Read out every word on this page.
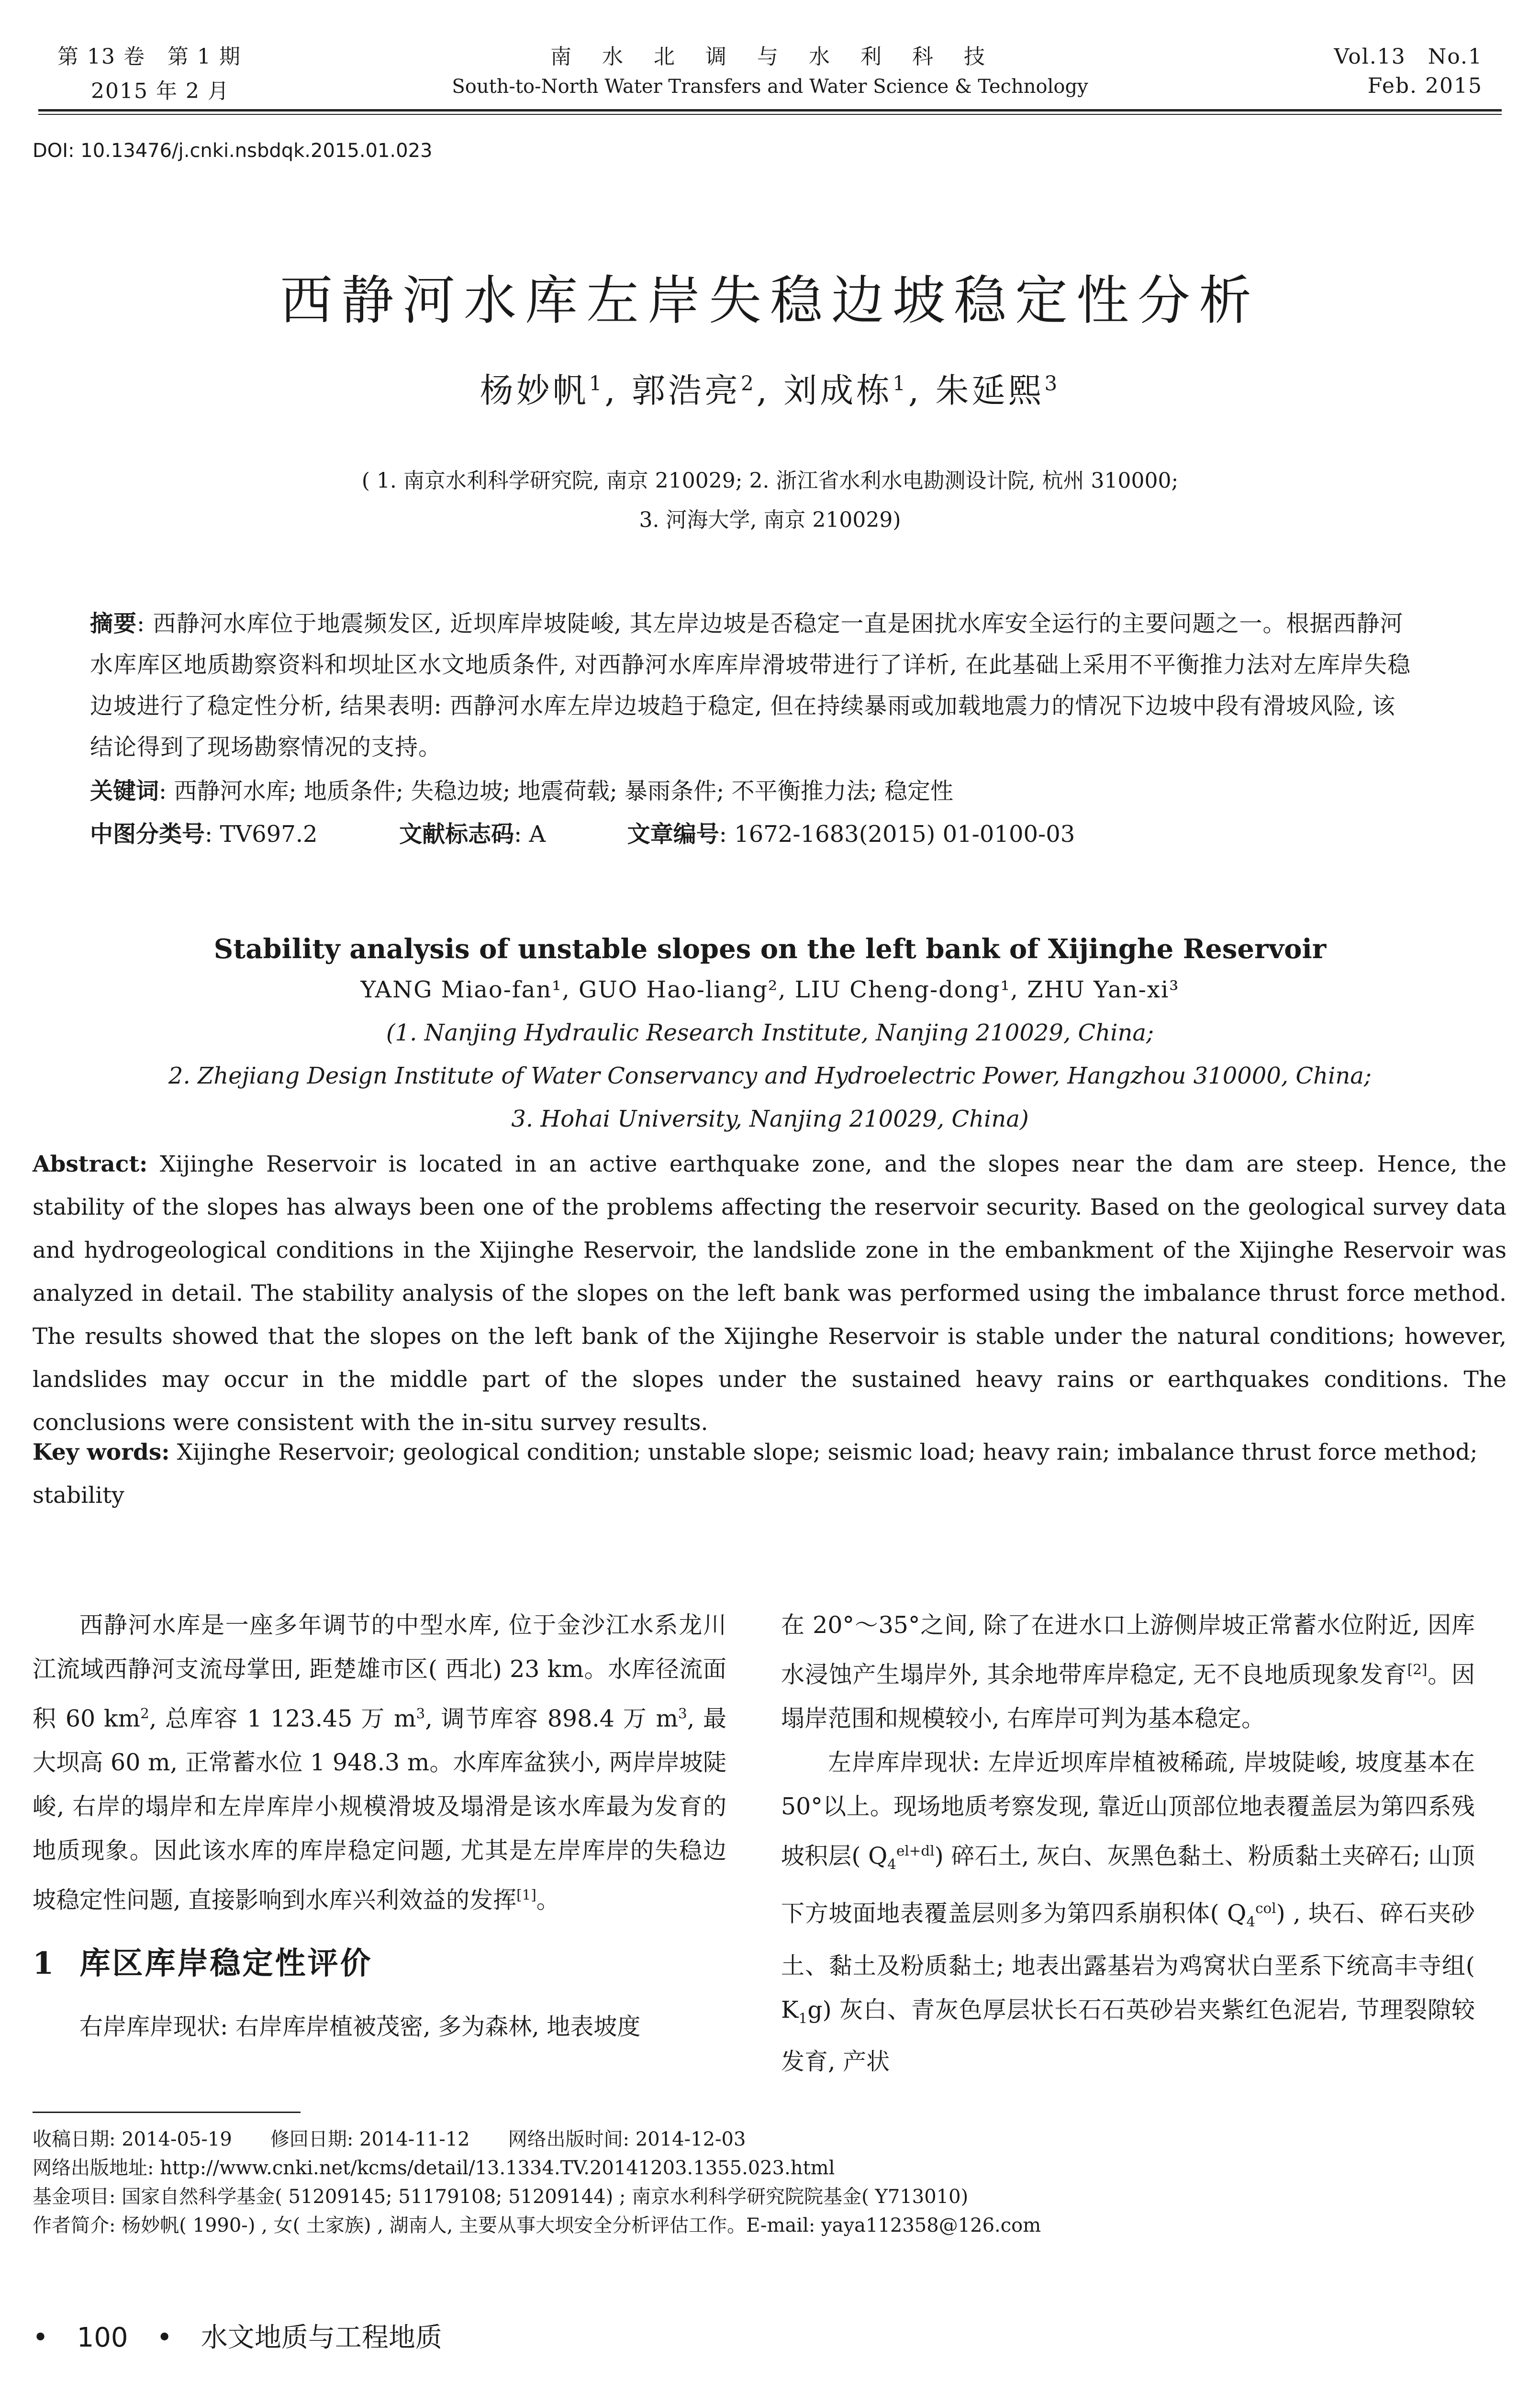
第 13 卷　第 1 期
2015 年 2 月
南　水　北　调　与　水　利　科　技
South-to-North Water Transfers and Water Science & Technology
Vol.13　No.1
Feb. 2015
DOI: 10.13476/j.cnki.nsbdqk.2015.01.023
西静河水库左岸失稳边坡稳定性分析
杨妙帆$^1$, 郭浩亮$^2$, 刘成栋$^1$, 朱延熙$^3$
( 1. 南京水利科学研究院, 南京 210029; 2. 浙江省水利水电勘测设计院, 杭州 310000;
3. 河海大学, 南京 210029)
摘要: 西静河水库位于地震频发区, 近坝库岸坡陡峻, 其左岸边坡是否稳定一直是困扰水库安全运行的主要问题之一。根据西静河水库库区地质勘察资料和坝址区水文地质条件, 对西静河水库库岸滑坡带进行了详析, 在此基础上采用不平衡推力法对左库岸失稳边坡进行了稳定性分析, 结果表明: 西静河水库左岸边坡趋于稳定, 但在持续暴雨或加载地震力的情况下边坡中段有滑坡风险, 该结论得到了现场勘察情况的支持。
关键词: 西静河水库; 地质条件; 失稳边坡; 地震荷载; 暴雨条件; 不平衡推力法; 稳定性
中图分类号: TV697.2	文献标志码: A	文章编号: 1672-1683(2015) 01-0100-03
Stability analysis of unstable slopes on the left bank of Xijinghe Reservoir
YANG Miao-fan¹, GUO Hao-liang², LIU Cheng-dong¹, ZHU Yan-xi³
(1. Nanjing Hydraulic Research Institute, Nanjing 210029, China;
2. Zhejiang Design Institute of Water Conservancy and Hydroelectric Power, Hangzhou 310000, China;
3. Hohai University, Nanjing 210029, China)
Abstract: Xijinghe Reservoir is located in an active earthquake zone, and the slopes near the dam are steep. Hence, the stability of the slopes has always been one of the problems affecting the reservoir security. Based on the geological survey data and hydrogeological conditions in the Xijinghe Reservoir, the landslide zone in the embankment of the Xijinghe Reservoir was analyzed in detail. The stability analysis of the slopes on the left bank was performed using the imbalance thrust force method. The results showed that the slopes on the left bank of the Xijinghe Reservoir is stable under the natural conditions; however, landslides may occur in the middle part of the slopes under the sustained heavy rains or earthquakes conditions. The conclusions were consistent with the in-situ survey results.
Key words: Xijinghe Reservoir; geological condition; unstable slope; seismic load; heavy rain; imbalance thrust force method; stability

西静河水库是一座多年调节的中型水库, 位于金沙江水系龙川江流域西静河支流母掌田, 距楚雄市区( 西北) 23 km。水库径流面积 60 $km^2$, 总库容 1 123.45 万 $m^3$, 调节库容 898.4 万 $m^3$, 最大坝高 60 m, 正常蓄水位 1 948.3 m。水库库盆狭小, 两岸岸坡陡峻, 右岸的塌岸和左岸库岸小规模滑坡及塌滑是该水库最为发育的地质现象。因此该水库的库岸稳定问题, 尤其是左岸库岸的失稳边坡稳定性问题, 直接影响到水库兴利效益的发挥[1]。

1 库区库岸稳定性评价

右岸库岸现状: 右岸库岸植被茂密, 多为森林, 地表坡度

在 20°～35°之间, 除了在进水口上游侧岸坡正常蓄水位附近, 因库水浸蚀产生塌岸外, 其余地带库岸稳定, 无不良地质现象发育[2]。因塌岸范围和规模较小, 右库岸可判为基本稳定。

左岸库岸现状: 左岸近坝库岸植被稀疏, 岸坡陡峻, 坡度基本在 50°以上。现场地质考察发现, 靠近山顶部位地表覆盖层为第四系残坡积层( $Q_4^{el+dl}$) 碎石土, 灰白、灰黑色黏土、粉质黏土夹碎石; 山顶下方坡面地表覆盖层则多为第四系崩积体( $Q_4^{col}$) , 块石、碎石夹砂土、黏土及粉质黏土; 地表出露基岩为鸡窝状白垩系下统高丰寺组( $K_1g$) 灰白、青灰色厚层状长石石英砂岩夹紫红色泥岩, 节理裂隙较发育, 产状

收稿日期: 2014-05-19　　修回日期: 2014-11-12　　网络出版时间: 2014-12-03
网络出版地址: http://www.cnki.net/kcms/detail/13.1334.TV.20141203.1355.023.html
基金项目: 国家自然科学基金( 51209145; 51179108; 51209144) ; 南京水利科学研究院院基金( Y713010)
作者简介: 杨妙帆( 1990-) , 女( 土家族) , 湖南人, 主要从事大坝安全分析评估工作。E-mail: yaya112358@126.com
• 100 • 水文地质与工程地质
